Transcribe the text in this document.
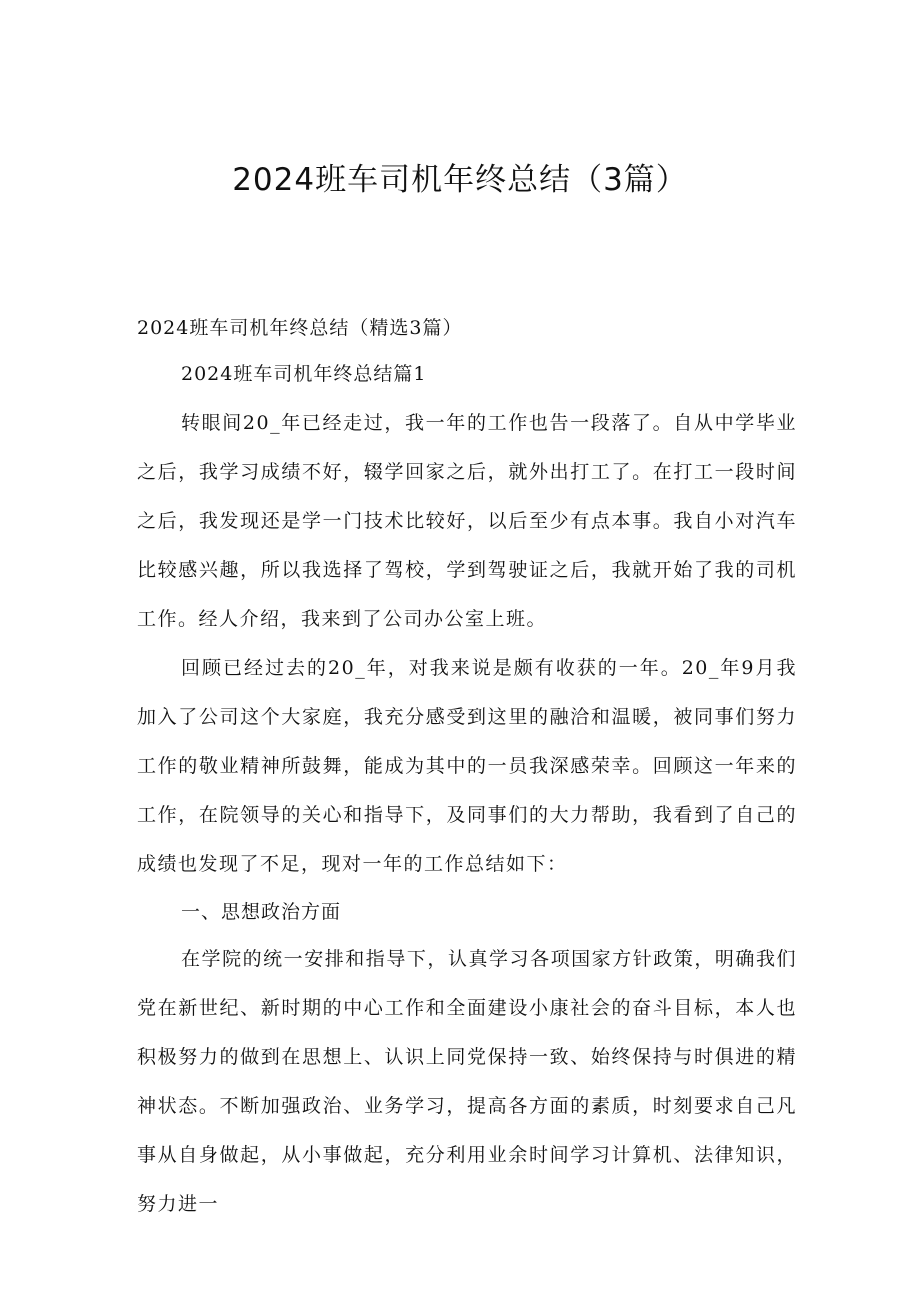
2024班车司机年终总结（3篇）

2024班车司机年终总结（精选3篇）

2024班车司机年终总结篇1

转眼间20_年已经走过，我一年的工作也告一段落了。自从中学毕业之后，我学习成绩不好，辍学回家之后，就外出打工了。在打工一段时间之后，我发现还是学一门技术比较好，以后至少有点本事。我自小对汽车比较感兴趣，所以我选择了驾校，学到驾驶证之后，我就开始了我的司机工作。经人介绍，我来到了公司办公室上班。

回顾已经过去的20_年，对我来说是颇有收获的一年。20_年9月我加入了公司这个大家庭，我充分感受到这里的融洽和温暖，被同事们努力工作的敬业精神所鼓舞，能成为其中的一员我深感荣幸。回顾这一年来的工作，在院领导的关心和指导下，及同事们的大力帮助，我看到了自己的成绩也发现了不足，现对一年的工作总结如下：

一、思想政治方面

在学院的统一安排和指导下，认真学习各项国家方针政策，明确我们党在新世纪、新时期的中心工作和全面建设小康社会的奋斗目标，本人也积极努力的做到在思想上、认识上同党保持一致、始终保持与时俱进的精神状态。不断加强政治、业务学习，提高各方面的素质，时刻要求自己凡事从自身做起，从小事做起，充分利用业余时间学习计算机、法律知识，努力进一
